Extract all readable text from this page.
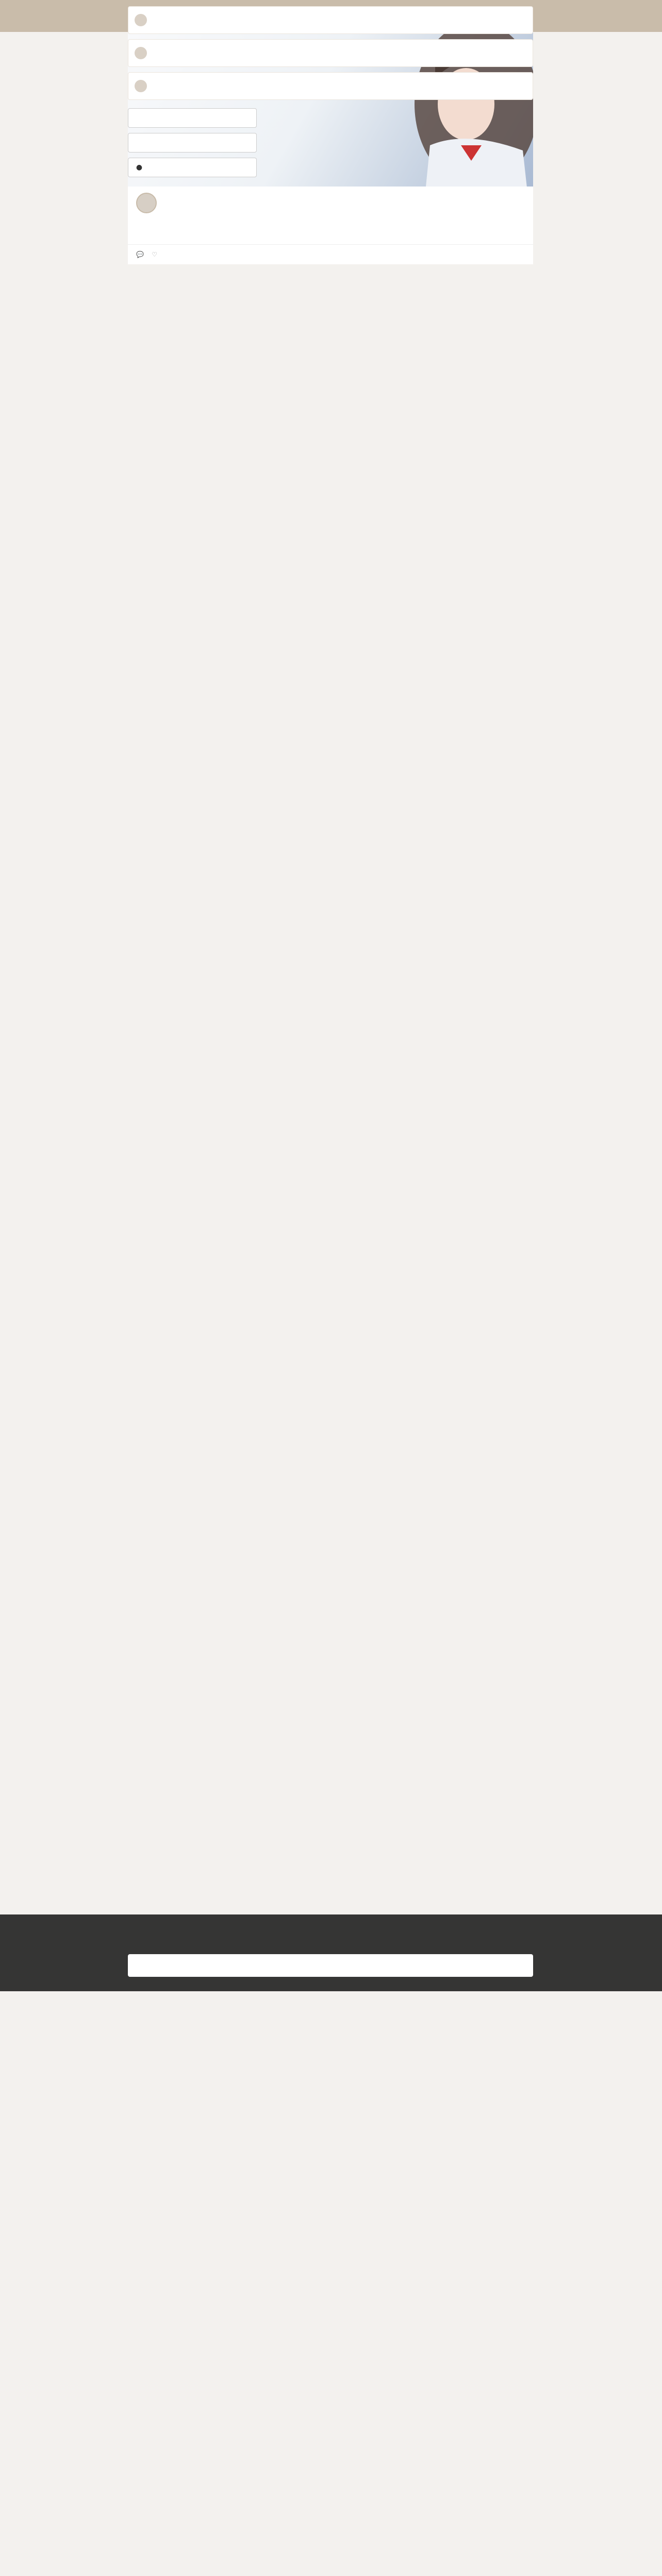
💬    ♡
●
